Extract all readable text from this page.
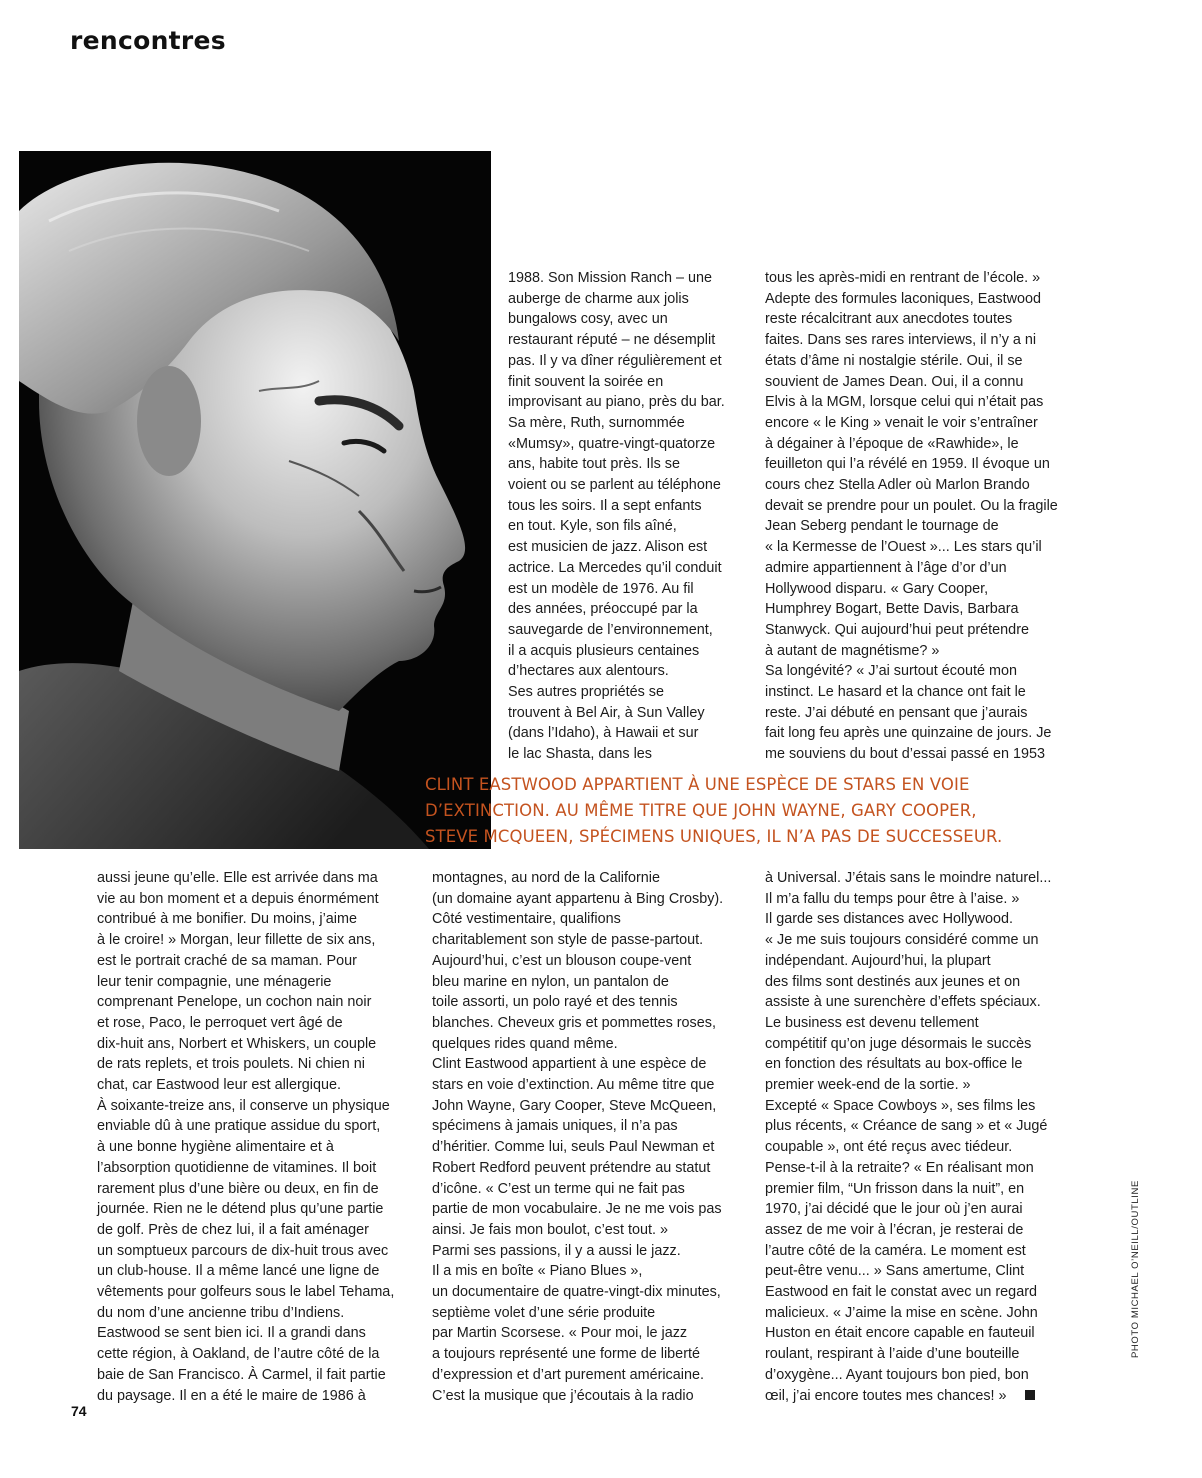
rencontres

1988. Son Mission Ranch – une

auberge de charme aux jolis

bungalows cosy, avec un

restaurant réputé – ne désemplit

pas. Il y va dîner régulièrement et

finit souvent la soirée en

improvisant au piano, près du bar.

Sa mère, Ruth, surnommée

«Mumsy», quatre-vingt-quatorze

ans, habite tout près. Ils se

voient ou se parlent au téléphone

tous les soirs. Il a sept enfants

en tout. Kyle, son fils aîné,

est musicien de jazz. Alison est

actrice. La Mercedes qu’il conduit

est un modèle de 1976. Au fil

des années, préoccupé par la

sauvegarde de l’environnement,

il a acquis plusieurs centaines

d’hectares aux alentours.

Ses autres propriétés se

trouvent à Bel Air, à Sun Valley

(dans l’Idaho), à Hawaii et sur

le lac Shasta, dans les

tous les après-midi en rentrant de l’école. »

Adepte des formules laconiques, Eastwood

reste récalcitrant aux anecdotes toutes

faites. Dans ses rares interviews, il n’y a ni

états d’âme ni nostalgie stérile. Oui, il se

souvient de James Dean. Oui, il a connu

Elvis à la MGM, lorsque celui qui n’était pas

encore « le King » venait le voir s’entraîner

à dégainer à l’époque de «Rawhide», le

feuilleton qui l’a révélé en 1959. Il évoque un

cours chez Stella Adler où Marlon Brando

devait se prendre pour un poulet. Ou la fragile

Jean Seberg pendant le tournage de

« la Kermesse de l’Ouest »... Les stars qu’il

admire appartiennent à l’âge d’or d’un

Hollywood disparu. « Gary Cooper,

Humphrey Bogart, Bette Davis, Barbara

Stanwyck. Qui aujourd’hui peut prétendre

à autant de magnétisme? »

Sa longévité? « J’ai surtout écouté mon

instinct. Le hasard et la chance ont fait le

reste. J’ai débuté en pensant que j’aurais

fait long feu après une quinzaine de jours. Je

me souviens du bout d’essai passé en 1953

aussi jeune qu’elle. Elle est arrivée dans ma

vie au bon moment et a depuis énormément

contribué à me bonifier. Du moins, j’aime

à le croire! » Morgan, leur fillette de six ans,

est le portrait craché de sa maman. Pour

leur tenir compagnie, une ménagerie

comprenant Penelope, un cochon nain noir

et rose, Paco, le perroquet vert âgé de

dix-huit ans, Norbert et Whiskers, un couple

de rats replets, et trois poulets. Ni chien ni

chat, car Eastwood leur est allergique.

À soixante-treize ans, il conserve un physique

enviable dû à une pratique assidue du sport,

à une bonne hygiène alimentaire et à

l’absorption quotidienne de vitamines. Il boit

rarement plus d’une bière ou deux, en fin de

journée. Rien ne le détend plus qu’une partie

de golf. Près de chez lui, il a fait aménager

un somptueux parcours de dix-huit trous avec

un club-house. Il a même lancé une ligne de

vêtements pour golfeurs sous le label Tehama,

du nom d’une ancienne tribu d’Indiens.

Eastwood se sent bien ici. Il a grandi dans

cette région, à Oakland, de l’autre côté de la

baie de San Francisco. À Carmel, il fait partie

du paysage. Il en a été le maire de 1986 à

montagnes, au nord de la Californie

(un domaine ayant appartenu à Bing Crosby).

Côté vestimentaire, qualifions

charitablement son style de passe-partout.

Aujourd’hui, c’est un blouson coupe-vent

bleu marine en nylon, un pantalon de

toile assorti, un polo rayé et des tennis

blanches. Cheveux gris et pommettes roses,

quelques rides quand même.

Clint Eastwood appartient à une espèce de

stars en voie d’extinction. Au même titre que

John Wayne, Gary Cooper, Steve McQueen,

spécimens à jamais uniques, il n’a pas

d’héritier. Comme lui, seuls Paul Newman et

Robert Redford peuvent prétendre au statut

d’icône. « C’est un terme qui ne fait pas

partie de mon vocabulaire. Je ne me vois pas

ainsi. Je fais mon boulot, c’est tout. »

Parmi ses passions, il y a aussi le jazz.

Il a mis en boîte « Piano Blues »,

un documentaire de quatre-vingt-dix minutes,

septième volet d’une série produite

par Martin Scorsese. « Pour moi, le jazz

a toujours représenté une forme de liberté

d’expression et d’art purement américaine.

C’est la musique que j’écoutais à la radio

à Universal. J’étais sans le moindre naturel...

Il m’a fallu du temps pour être à l’aise. »

Il garde ses distances avec Hollywood.

« Je me suis toujours considéré comme un

indépendant. Aujourd’hui, la plupart

des films sont destinés aux jeunes et on

assiste à une surenchère d’effets spéciaux.

Le business est devenu tellement

compétitif qu’on juge désormais le succès

en fonction des résultats au box-office le

premier week-end de la sortie. »

Excepté « Space Cowboys », ses films les

plus récents, « Créance de sang » et « Jugé

coupable », ont été reçus avec tiédeur.

Pense-t-il à la retraite? « En réalisant mon

premier film, “Un frisson dans la nuit”, en

1970, j’ai décidé que le jour où j’en aurai

assez de me voir à l’écran, je resterai de

l’autre côté de la caméra. Le moment est

peut-être venu... » Sans amertume, Clint

Eastwood en fait le constat avec un regard

malicieux. « J’aime la mise en scène. John

Huston en était encore capable en fauteuil

roulant, respirant à l’aide d’une bouteille

d’oxygène... Ayant toujours bon pied, bon

œil, j’ai encore toutes mes chances! »

CLINT EASTWOOD APPARTIENT À UNE ESPÈCE DE STARS EN VOIE

D’EXTINCTION. AU MÊME TITRE QUE JOHN WAYNE, GARY COOPER,

STEVE MCQUEEN, SPÉCIMENS UNIQUES, IL N’A PAS DE SUCCESSEUR.

PHOTO MICHAEL O’NEILL/OUTLINE
74
